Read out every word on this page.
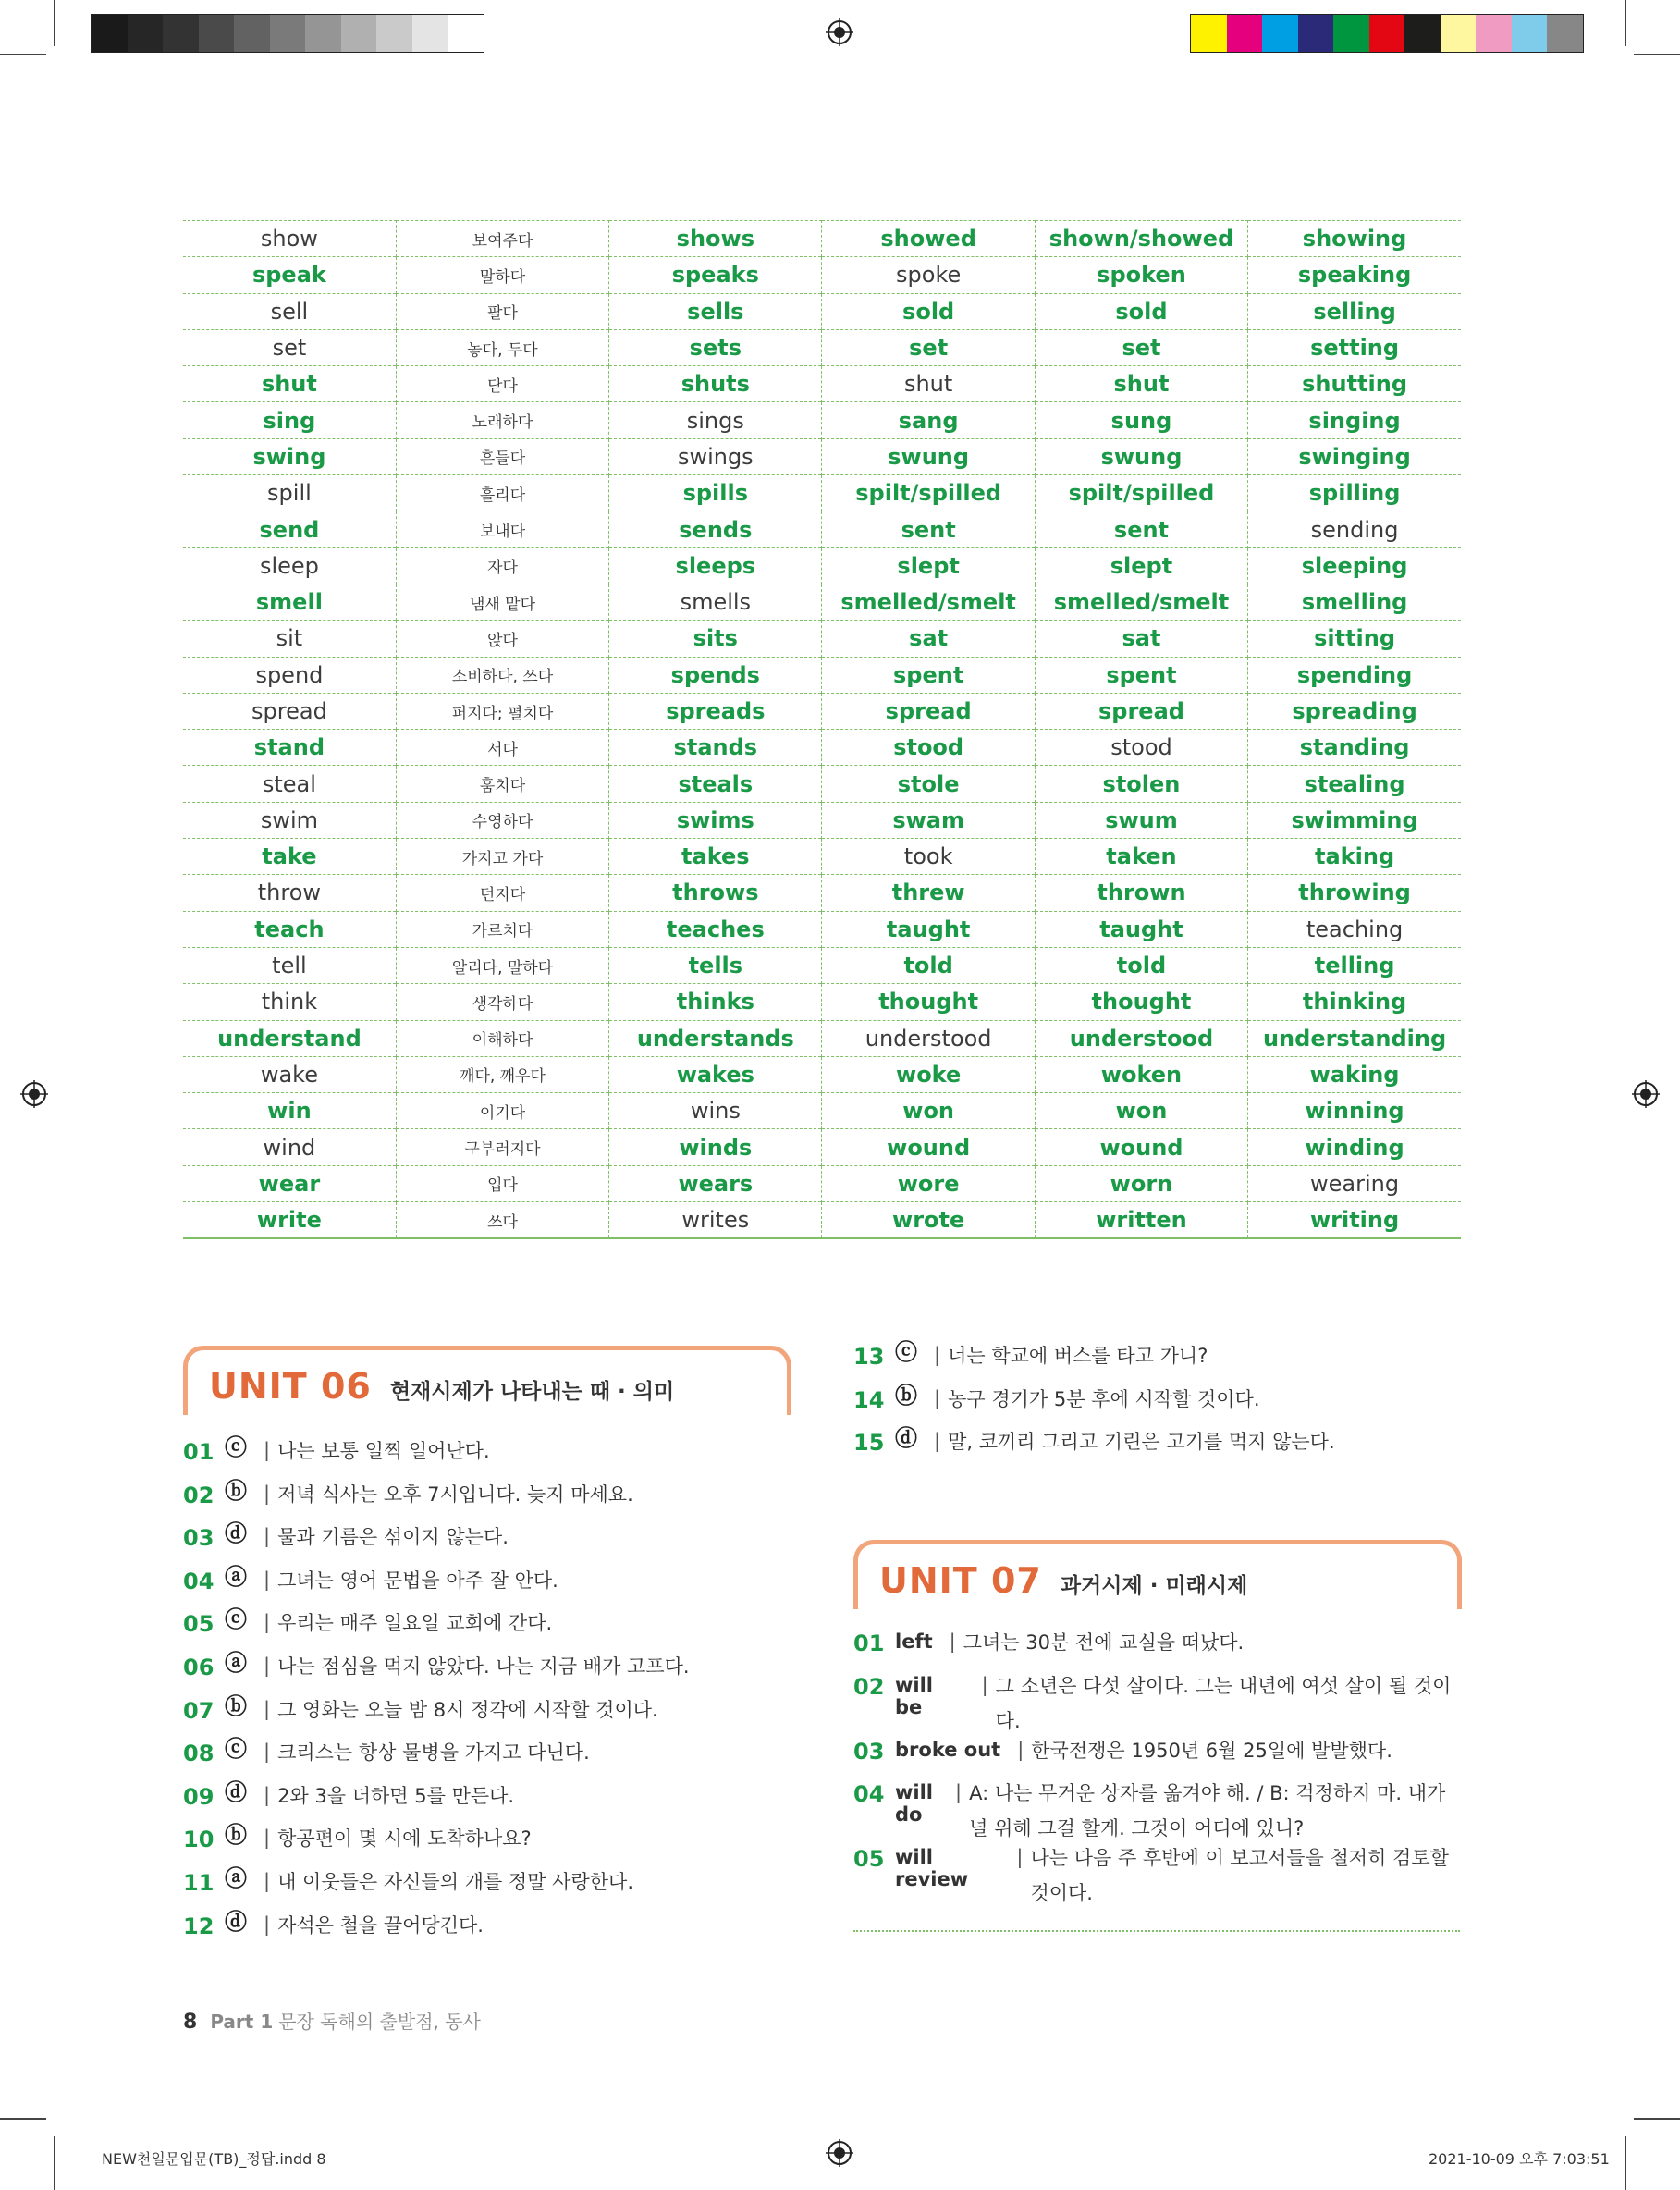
show	보여주다	shows	showed	shown/showed	showing
speak	말하다	speaks	spoke	spoken	speaking
sell	팔다	sells	sold	sold	selling
set	놓다, 두다	sets	set	set	setting
shut	닫다	shuts	shut	shut	shutting
sing	노래하다	sings	sang	sung	singing
swing	흔들다	swings	swung	swung	swinging
spill	흘리다	spills	spilt/spilled	spilt/spilled	spilling
send	보내다	sends	sent	sent	sending
sleep	자다	sleeps	slept	slept	sleeping
smell	냄새 맡다	smells	smelled/smelt	smelled/smelt	smelling
sit	앉다	sits	sat	sat	sitting
spend	소비하다, 쓰다	spends	spent	spent	spending
spread	퍼지다; 펼치다	spreads	spread	spread	spreading
stand	서다	stands	stood	stood	standing
steal	훔치다	steals	stole	stolen	stealing
swim	수영하다	swims	swam	swum	swimming
take	가지고 가다	takes	took	taken	taking
throw	던지다	throws	threw	thrown	throwing
teach	가르치다	teaches	taught	taught	teaching
tell	알리다, 말하다	tells	told	told	telling
think	생각하다	thinks	thought	thought	thinking
understand	이해하다	understands	understood	understood	understanding
wake	깨다, 깨우다	wakes	woke	woken	waking
win	이기다	wins	won	won	winning
wind	구부러지다	winds	wound	wound	winding
wear	입다	wears	wore	worn	wearing
write	쓰다	writes	wrote	written	writing
UNIT 06 현재시제가 나타내는 때 · 의미
01 ⓒ | 나는 보통 일찍 일어난다.
02 ⓑ | 저녁 식사는 오후 7시입니다. 늦지 마세요.
03 ⓓ | 물과 기름은 섞이지 않는다.
04 ⓐ | 그녀는 영어 문법을 아주 잘 안다.
05 ⓒ | 우리는 매주 일요일 교회에 간다.
06 ⓐ | 나는 점심을 먹지 않았다. 나는 지금 배가 고프다.
07 ⓑ | 그 영화는 오늘 밤 8시 정각에 시작할 것이다.
08 ⓒ | 크리스는 항상 물병을 가지고 다닌다.
09 ⓓ | 2와 3을 더하면 5를 만든다.
10 ⓑ | 항공편이 몇 시에 도착하나요?
11 ⓐ | 내 이웃들은 자신들의 개를 정말 사랑한다.
12 ⓓ | 자석은 철을 끌어당긴다.
13 ⓒ | 너는 학교에 버스를 타고 가니?
14 ⓑ | 농구 경기가 5분 후에 시작할 것이다.
15 ⓓ | 말, 코끼리 그리고 기린은 고기를 먹지 않는다.
UNIT 07 과거시제 · 미래시제
01 left | 그녀는 30분 전에 교실을 떠났다.
02 will be
| 그 소년은 다섯 살이다. 그는 내년에 여섯 살이 될 것이다.
03 broke out | 한국전쟁은 1950년 6월 25일에 발발했다.
04 will do
| A: 나는 무거운 상자를 옮겨야 해. / B: 걱정하지 마. 내가 널 위해 그걸 할게. 그것이 어디에 있니?
05 will review
| 나는 다음 주 후반에 이 보고서들을 철저히 검토할 것이다.
8 Part 1 문장 독해의 출발점, 동사
NEW천일문입문(TB)_정답.indd 8	2021-10-09 오후 7:03:51
